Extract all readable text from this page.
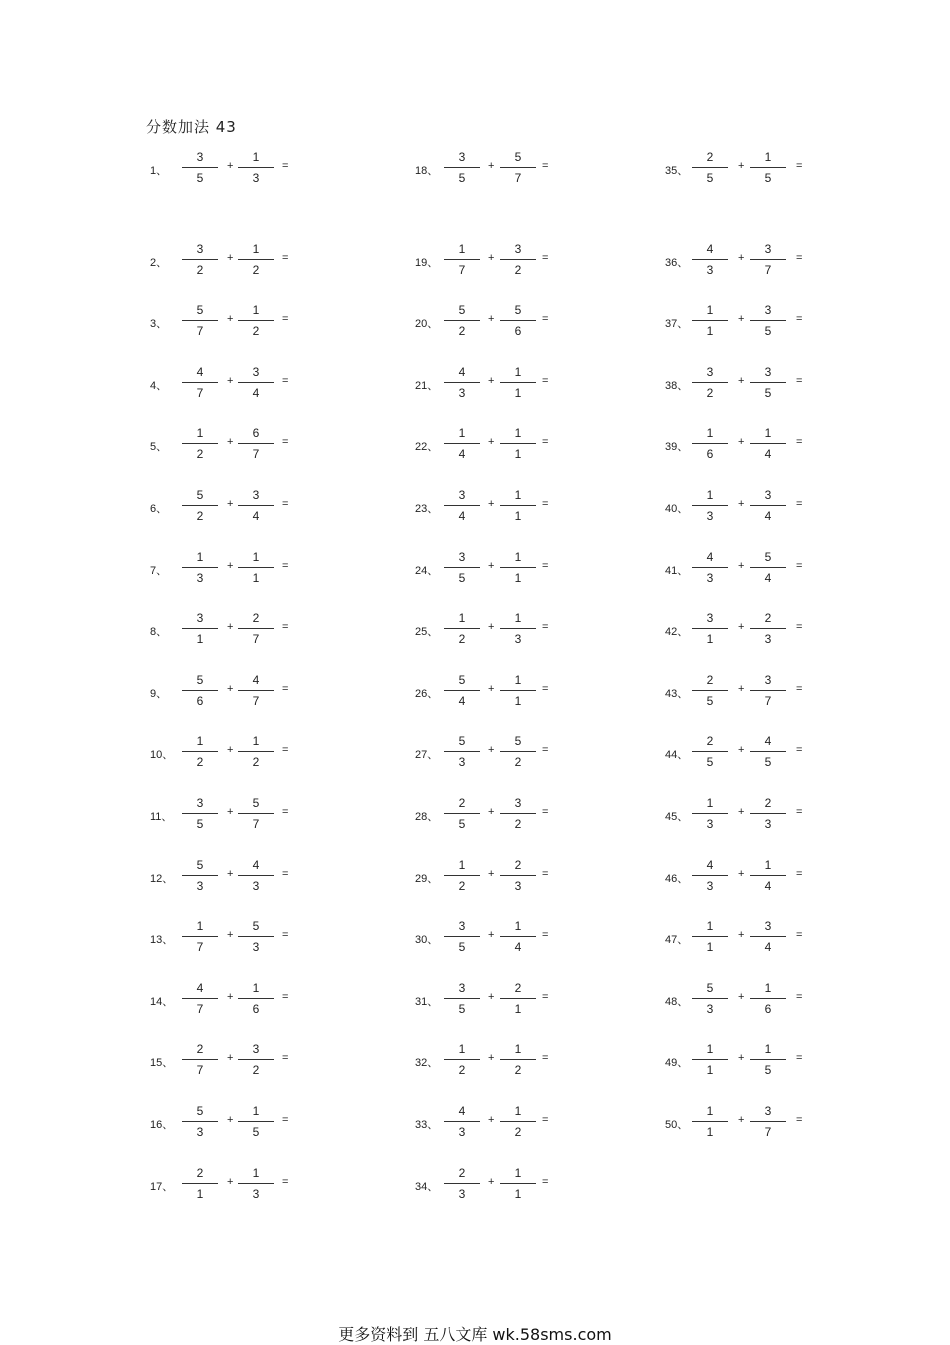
分数加法 43
1、
3
5
+
1
3
=
2、
3
2
+
1
2
=
3、
5
7
+
1
2
=
4、
4
7
+
3
4
=
5、
1
2
+
6
7
=
6、
5
2
+
3
4
=
7、
1
3
+
1
1
=
8、
3
1
+
2
7
=
9、
5
6
+
4
7
=
10、
1
2
+
1
2
=
11、
3
5
+
5
7
=
12、
5
3
+
4
3
=
13、
1
7
+
5
3
=
14、
4
7
+
1
6
=
15、
2
7
+
3
2
=
16、
5
3
+
1
5
=
17、
2
1
+
1
3
=
18、
3
5
+
5
7
=
19、
1
7
+
3
2
=
20、
5
2
+
5
6
=
21、
4
3
+
1
1
=
22、
1
4
+
1
1
=
23、
3
4
+
1
1
=
24、
3
5
+
1
1
=
25、
1
2
+
1
3
=
26、
5
4
+
1
1
=
27、
5
3
+
5
2
=
28、
2
5
+
3
2
=
29、
1
2
+
2
3
=
30、
3
5
+
1
4
=
31、
3
5
+
2
1
=
32、
1
2
+
1
2
=
33、
4
3
+
1
2
=
34、
2
3
+
1
1
=
35、
2
5
+
1
5
=
36、
4
3
+
3
7
=
37、
1
1
+
3
5
=
38、
3
2
+
3
5
=
39、
1
6
+
1
4
=
40、
1
3
+
3
4
=
41、
4
3
+
5
4
=
42、
3
1
+
2
3
=
43、
2
5
+
3
7
=
44、
2
5
+
4
5
=
45、
1
3
+
2
3
=
46、
4
3
+
1
4
=
47、
1
1
+
3
4
=
48、
5
3
+
1
6
=
49、
1
1
+
1
5
=
50、
1
1
+
3
7
=
更多资料到 五八文库 wk.58sms.com
